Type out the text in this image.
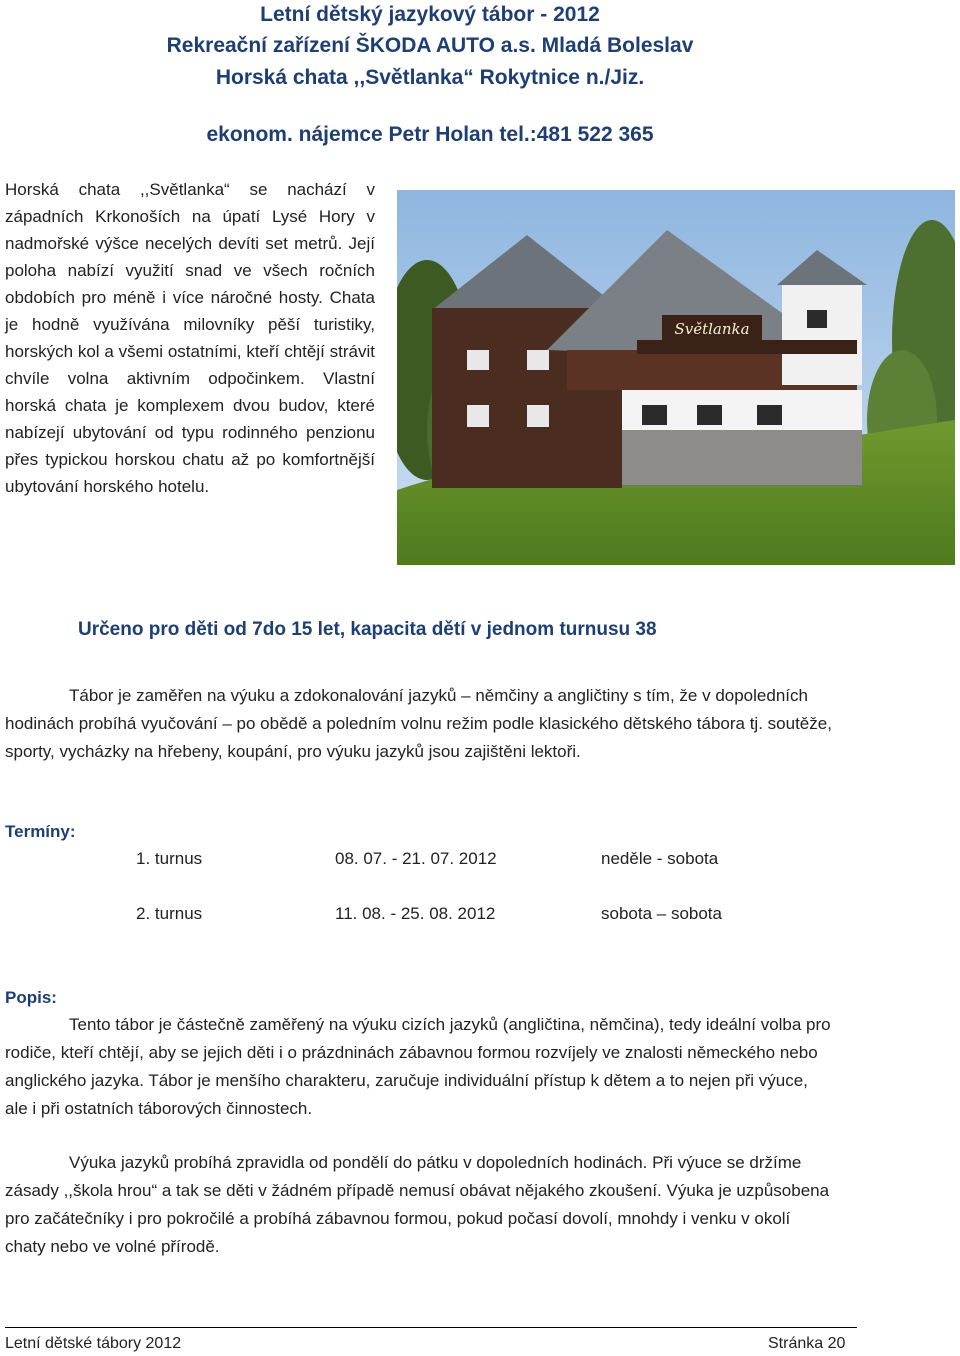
Letní dětský jazykový tábor - 2012
Rekreační zařízení ŠKODA AUTO a.s. Mladá Boleslav
Horská chata ,,Světlanka“ Rokytnice n./Jiz.
ekonom. nájemce Petr Holan tel.:481 522 365
Horská chata ,,Světlanka“ se nachází v západních Krkonoších na úpatí Lysé Hory v nadmořské výšce necelých devíti set metrů. Její poloha nabízí využití snad ve všech ročních obdobích pro méně i více náročné hosty. Chata je hodně využívána milovníky pěší turistiky, horských kol a všemi ostatními, kteří chtějí strávit chvíle volna aktivním odpočinkem. Vlastní horská chata je komplexem dvou budov, které nabízejí ubytování od typu rodinného penzionu přes typickou horskou chatu až po komfortnější ubytování horského hotelu.
Světlanka
Určeno pro děti od 7do 15 let, kapacita dětí v jednom turnusu 38
Tábor je zaměřen na výuku a zdokonalování jazyků – němčiny a angličtiny s tím, že v dopoledních hodinách probíhá vyučování – po obědě a poledním volnu režim podle klasického dětského tábora tj. soutěže, sporty, vycházky na hřebeny, koupání, pro výuku jazyků jsou zajištěni lektoři.
Termíny:
1. turnus	08. 07. - 21. 07. 2012	neděle - sobota
2. turnus	11. 08. - 25. 08. 2012	sobota – sobota
Popis:
Tento tábor je částečně zaměřený na výuku cizích jazyků (angličtina, němčina), tedy ideální volba pro rodiče, kteří chtějí, aby se jejich děti i o prázdninách zábavnou formou rozvíjely ve znalosti německého nebo anglického jazyka. Tábor je menšího charakteru, zaručuje individuální přístup k dětem a to nejen při výuce, ale i při ostatních táborových činnostech.
Výuka jazyků probíhá zpravidla od pondělí do pátku v dopoledních hodinách. Při výuce se držíme zásady ,,škola hrou“ a tak se děti v žádném případě nemusí obávat nějakého zkoušení. Výuka je uzpůsobena pro začátečníky i pro pokročilé a probíhá zábavnou formou, pokud počasí dovolí, mnohdy i venku v okolí chaty nebo ve volné přírodě.
Letní dětské tábory 2012	Stránka 20
